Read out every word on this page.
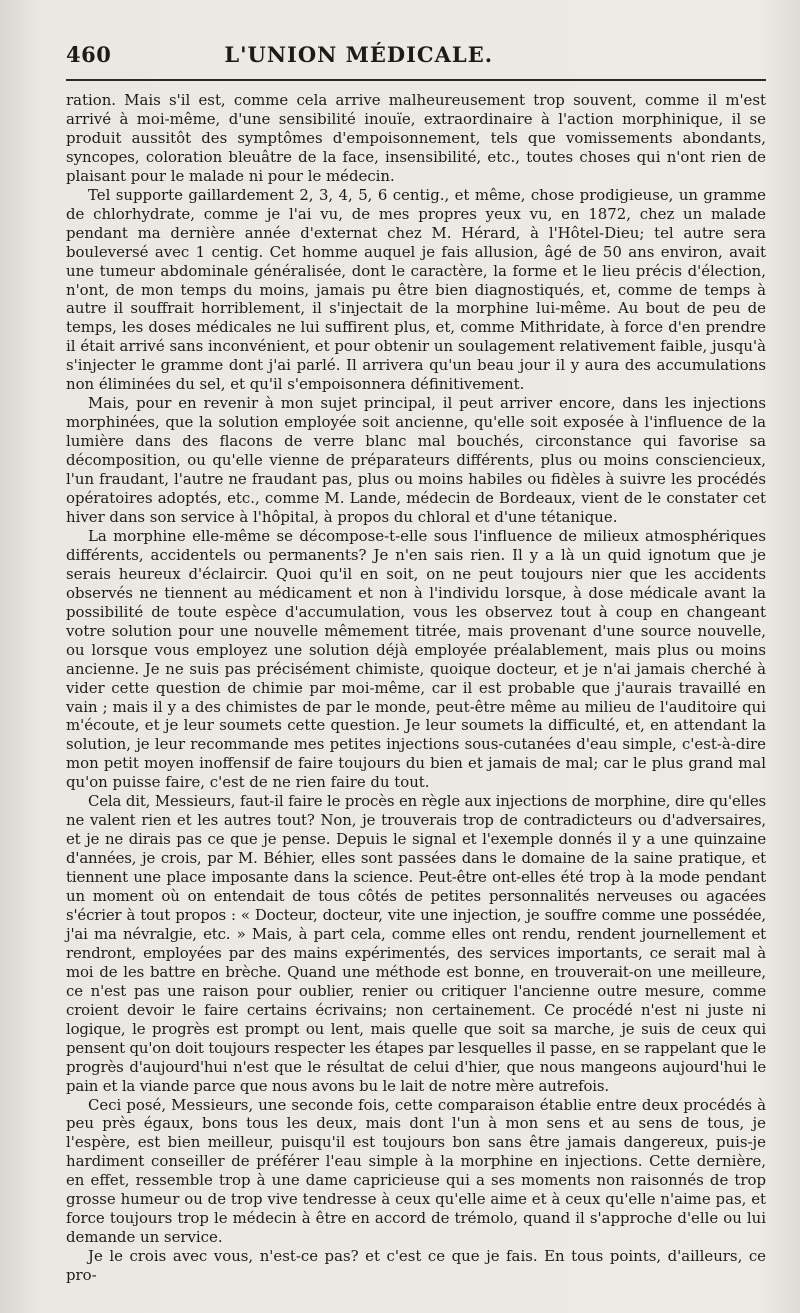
460	L'UNION MÉDICALE.

ration. Mais s'il est, comme cela arrive malheureusement trop souvent, comme il m'est arrivé à moi-même, d'une sensibilité inouïe, extraordinaire à l'action morphinique, il se produit aussitôt des symptômes d'empoisonnement, tels que vomissements abondants, syncopes, coloration bleuâtre de la face, insensibilité, etc., toutes choses qui n'ont rien de plaisant pour le malade ni pour le médecin.

Tel supporte gaillardement 2, 3, 4, 5, 6 centig., et même, chose prodigieuse, un gramme de chlorhydrate, comme je l'ai vu, de mes propres yeux vu, en 1872, chez un malade pendant ma dernière année d'externat chez M. Hérard, à l'Hôtel-Dieu; tel autre sera bouleversé avec 1 centig. Cet homme auquel je fais allusion, âgé de 50 ans environ, avait une tumeur abdominale généralisée, dont le caractère, la forme et le lieu précis d'élection, n'ont, de mon temps du moins, jamais pu être bien diagnostiqués, et, comme de temps à autre il souffrait horriblement, il s'injectait de la morphine lui-même. Au bout de peu de temps, les doses médicales ne lui suffirent plus, et, comme Mithridate, à force d'en prendre il était arrivé sans inconvénient, et pour obtenir un soulagement relativement faible, jusqu'à s'injecter le gramme dont j'ai parlé. Il arrivera qu'un beau jour il y aura des accumulations non éliminées du sel, et qu'il s'empoisonnera définitivement.

Mais, pour en revenir à mon sujet principal, il peut arriver encore, dans les injections morphinées, que la solution employée soit ancienne, qu'elle soit exposée à l'influence de la lumière dans des flacons de verre blanc mal bouchés, circonstance qui favorise sa décomposition, ou qu'elle vienne de préparateurs différents, plus ou moins consciencieux, l'un fraudant, l'autre ne fraudant pas, plus ou moins habiles ou fidèles à suivre les procédés opératoires adoptés, etc., comme M. Lande, médecin de Bordeaux, vient de le constater cet hiver dans son service à l'hôpital, à propos du chloral et d'une tétanique.

La morphine elle-même se décompose-t-elle sous l'influence de milieux atmosphériques différents, accidentels ou permanents? Je n'en sais rien. Il y a là un quid ignotum que je serais heureux d'éclaircir. Quoi qu'il en soit, on ne peut toujours nier que les accidents observés ne tiennent au médicament et non à l'individu lorsque, à dose médicale avant la possibilité de toute espèce d'accumulation, vous les observez tout à coup en changeant votre solution pour une nouvelle mêmement titrée, mais provenant d'une source nouvelle, ou lorsque vous employez une solution déjà employée préalablement, mais plus ou moins ancienne. Je ne suis pas précisément chimiste, quoique docteur, et je n'ai jamais cherché à vider cette question de chimie par moi-même, car il est probable que j'aurais travaillé en vain ; mais il y a des chimistes de par le monde, peut-être même au milieu de l'auditoire qui m'écoute, et je leur soumets cette question. Je leur soumets la difficulté, et, en attendant la solution, je leur recommande mes petites injections sous-cutanées d'eau simple, c'est-à-dire mon petit moyen inoffensif de faire toujours du bien et jamais de mal; car le plus grand mal qu'on puisse faire, c'est de ne rien faire du tout.

Cela dit, Messieurs, faut-il faire le procès en règle aux injections de morphine, dire qu'elles ne valent rien et les autres tout? Non, je trouverais trop de contradicteurs ou d'adversaires, et je ne dirais pas ce que je pense. Depuis le signal et l'exemple donnés il y a une quinzaine d'années, je crois, par M. Béhier, elles sont passées dans le domaine de la saine pratique, et tiennent une place imposante dans la science. Peut-être ont-elles été trop à la mode pendant un moment où on entendait de tous côtés de petites personnalités nerveuses ou agacées s'écrier à tout propos : « Docteur, docteur, vite une injection, je souffre comme une possédée, j'ai ma névralgie, etc. » Mais, à part cela, comme elles ont rendu, rendent journellement et rendront, employées par des mains expérimentés, des services importants, ce serait mal à moi de les battre en brèche. Quand une méthode est bonne, en trouverait-on une meilleure, ce n'est pas une raison pour oublier, renier ou critiquer l'ancienne outre mesure, comme croient devoir le faire certains écrivains; non certainement. Ce procédé n'est ni juste ni logique, le progrès est prompt ou lent, mais quelle que soit sa marche, je suis de ceux qui pensent qu'on doit toujours respecter les étapes par lesquelles il passe, en se rappelant que le progrès d'aujourd'hui n'est que le résultat de celui d'hier, que nous mangeons aujourd'hui le pain et la viande parce que nous avons bu le lait de notre mère autrefois.

Ceci posé, Messieurs, une seconde fois, cette comparaison établie entre deux procédés à peu près égaux, bons tous les deux, mais dont l'un à mon sens et au sens de tous, je l'espère, est bien meilleur, puisqu'il est toujours bon sans être jamais dangereux, puis-je hardiment conseiller de préférer l'eau simple à la morphine en injections. Cette dernière, en effet, ressemble trop à une dame capricieuse qui a ses moments non raisonnés de trop grosse humeur ou de trop vive tendresse à ceux qu'elle aime et à ceux qu'elle n'aime pas, et force toujours trop le médecin à être en accord de trémolo, quand il s'approche d'elle ou lui demande un service.

Je le crois avec vous, n'est-ce pas? et c'est ce que je fais. En tous points, d'ailleurs, ce pro-
